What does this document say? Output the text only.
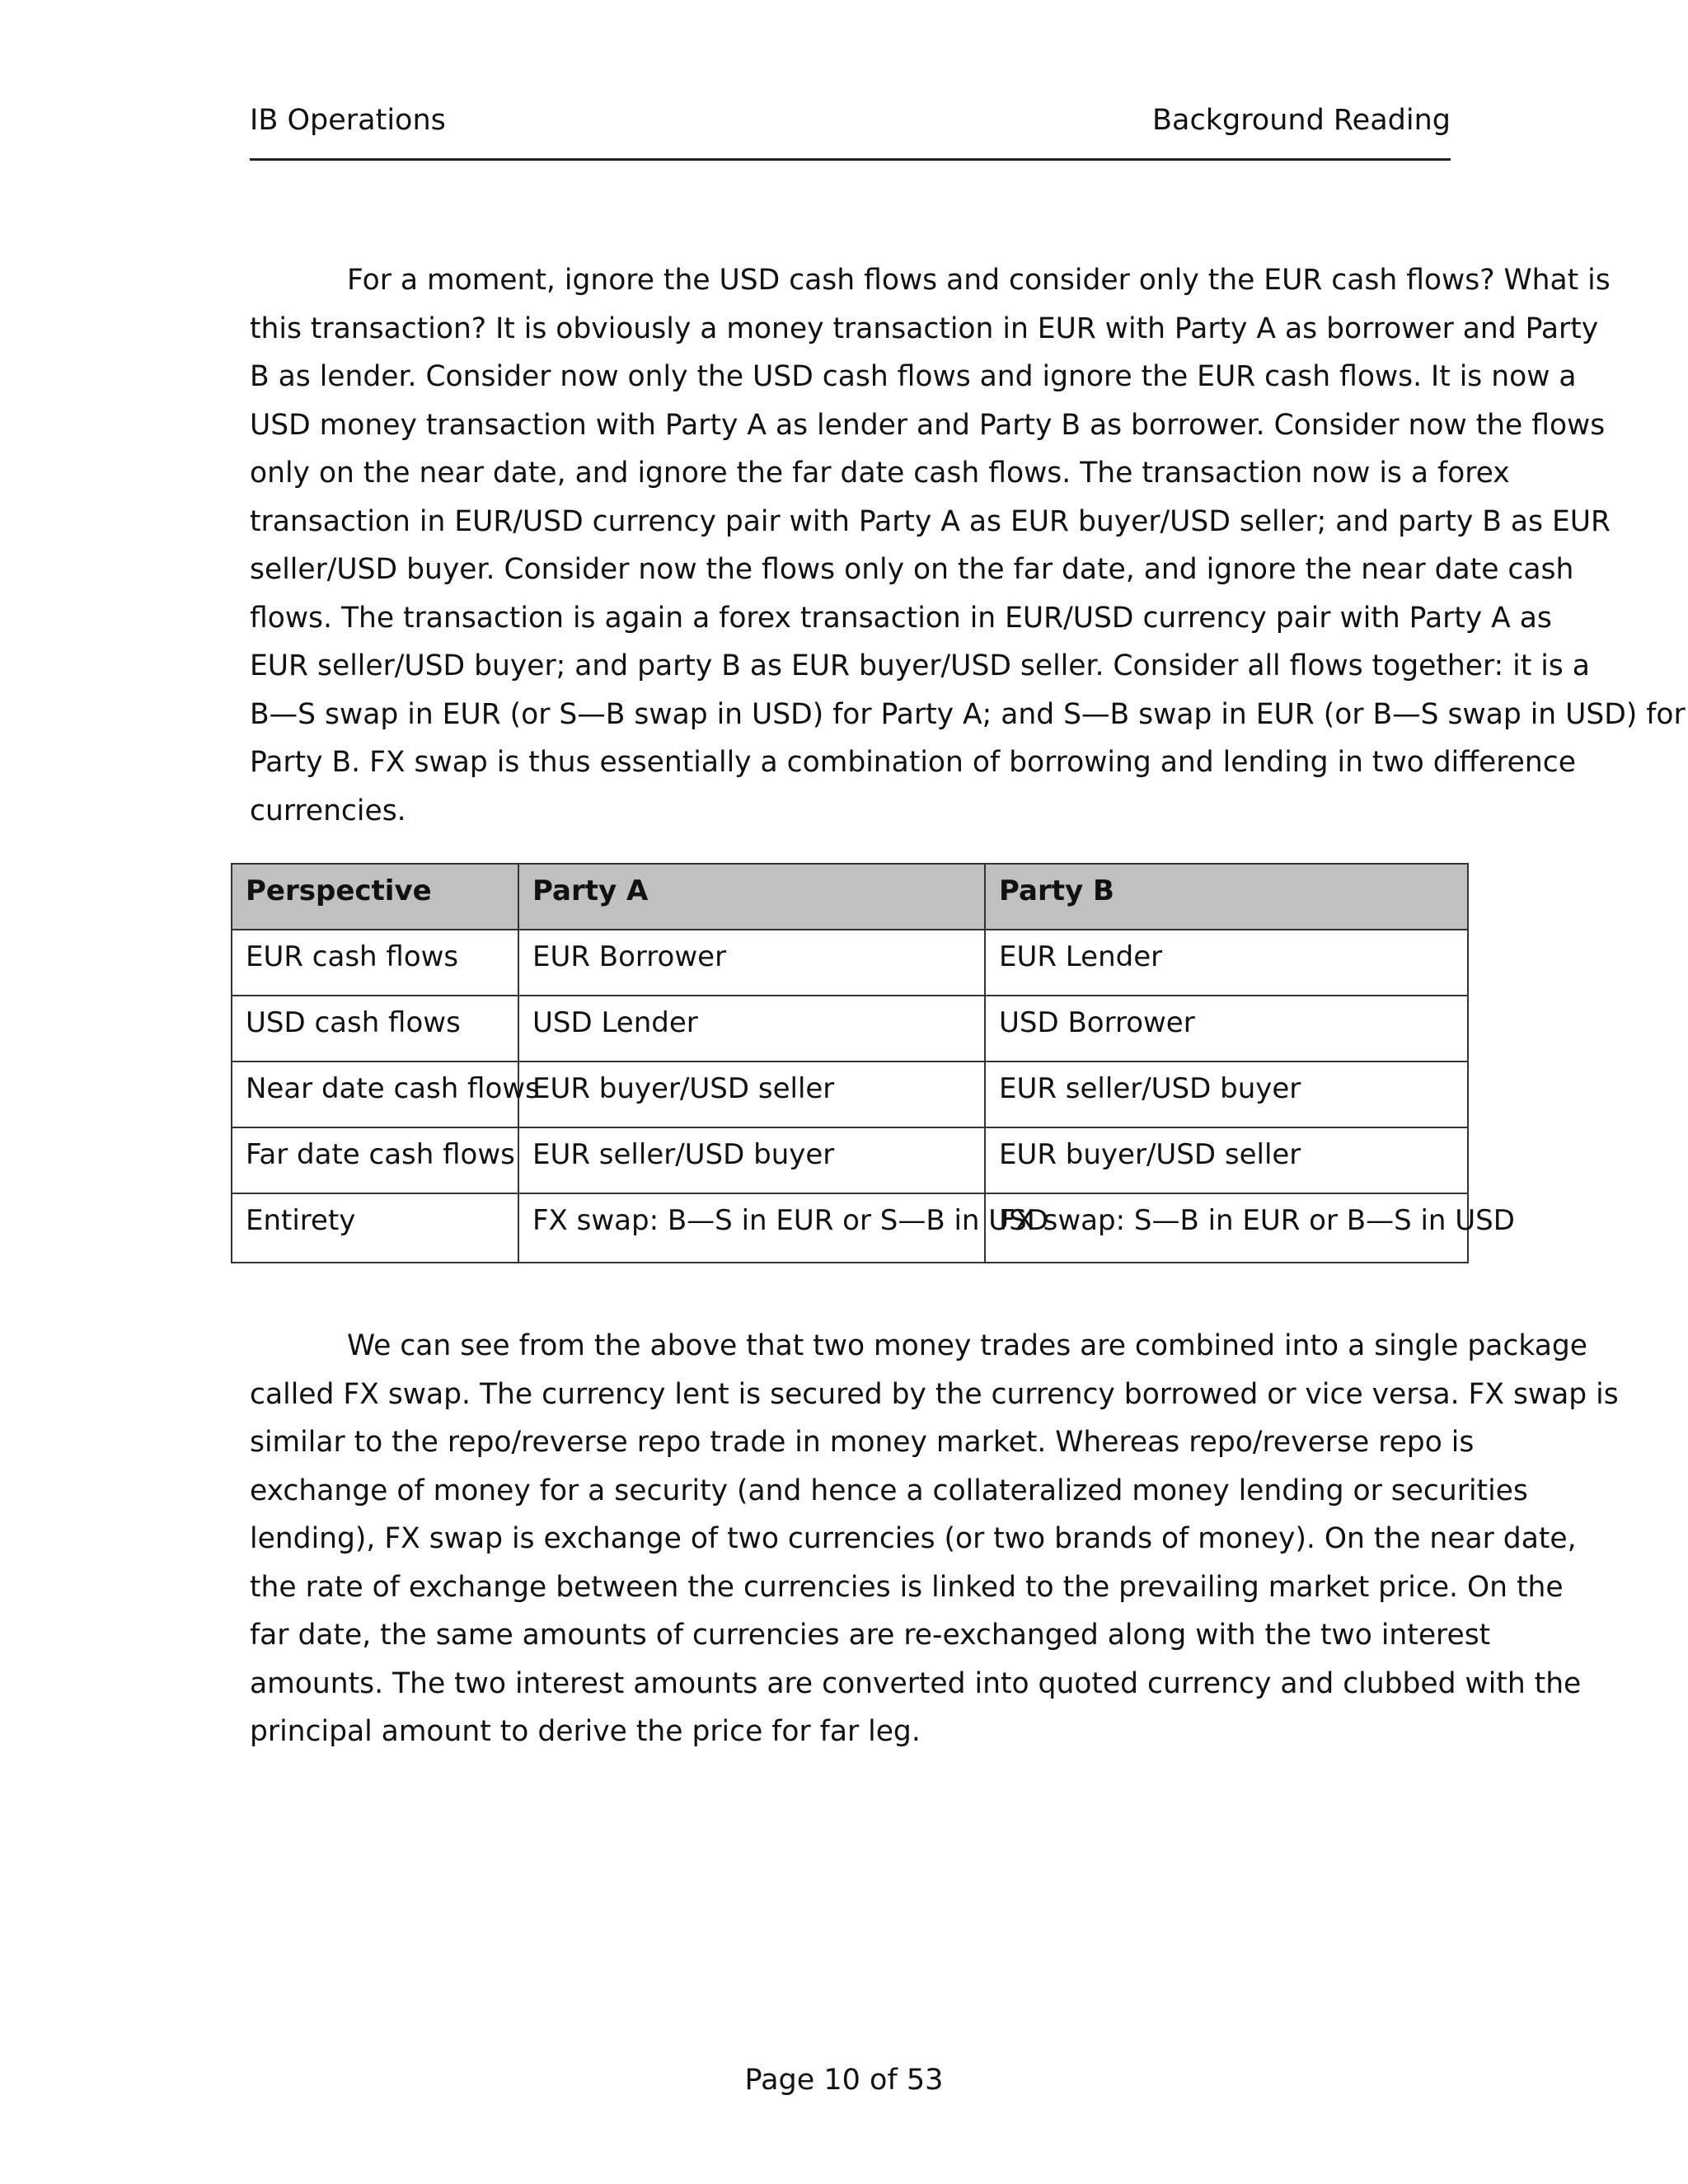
IB Operations	Background Reading
For a moment, ignore the USD cash flows and consider only the EUR cash flows? What is
this transaction? It is obviously a money transaction in EUR with Party A as borrower and Party
B as lender. Consider now only the USD cash flows and ignore the EUR cash flows. It is now a
USD money transaction with Party A as lender and Party B as borrower. Consider now the flows
only on the near date, and ignore the far date cash flows. The transaction now is a forex
transaction in EUR/USD currency pair with Party A as EUR buyer/USD seller; and party B as EUR
seller/USD buyer. Consider now the flows only on the far date, and ignore the near date cash
flows. The transaction is again a forex transaction in EUR/USD currency pair with Party A as
EUR seller/USD buyer; and party B as EUR buyer/USD seller. Consider all flows together: it is a
B—S swap in EUR (or S—B swap in USD) for Party A; and S—B swap in EUR (or B—S swap in USD) for
Party B. FX swap is thus essentially a combination of borrowing and lending in two difference
currencies.
Perspective	Party A	Party B
EUR cash flows	EUR Borrower	EUR Lender
USD cash flows	USD Lender	USD Borrower
Near date cash flows	EUR buyer/USD seller	EUR seller/USD buyer
Far date cash flows	EUR seller/USD buyer	EUR buyer/USD seller
Entirety	FX swap: B—S in EUR or S—B in USD	FX swap: S—B in EUR or B—S in USD
We can see from the above that two money trades are combined into a single package
called FX swap. The currency lent is secured by the currency borrowed or vice versa. FX swap is
similar to the repo/reverse repo trade in money market. Whereas repo/reverse repo is
exchange of money for a security (and hence a collateralized money lending or securities
lending), FX swap is exchange of two currencies (or two brands of money). On the near date,
the rate of exchange between the currencies is linked to the prevailing market price. On the
far date, the same amounts of currencies are re-exchanged along with the two interest
amounts. The two interest amounts are converted into quoted currency and clubbed with the
principal amount to derive the price for far leg.
Page 10 of 53
